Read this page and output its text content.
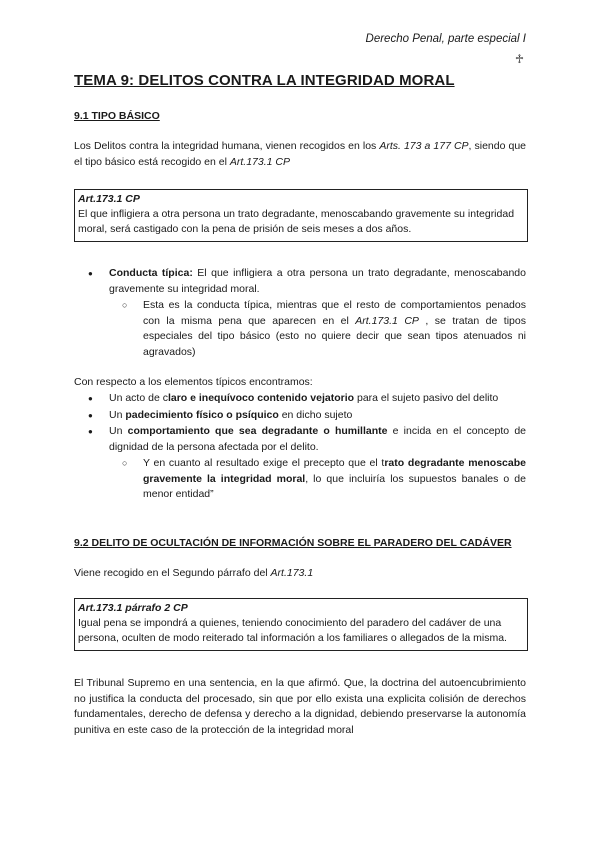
Derecho Penal, parte especial I
♱
TEMA 9: DELITOS CONTRA LA INTEGRIDAD MORAL
9.1 TIPO BÁSICO
Los Delitos contra la integridad humana, vienen recogidos en los Arts. 173 a 177 CP, siendo que el tipo básico está recogido en el Art.173.1 CP
Art.173.1 CP
El que infligiera a otra persona un trato degradante, menoscabando gravemente su integridad moral, será castigado con la pena de prisión de seis meses a dos años.
● Conducta típica: El que infligiera a otra persona un trato degradante, menoscabando gravemente su integridad moral.
○ Esta es la conducta típica, mientras que el resto de comportamientos penados con la misma pena que aparecen en el Art.173.1 CP , se tratan de tipos especiales del tipo básico (esto no quiere decir que sean tipos atenuados ni agravados)
Con respecto a los elementos típicos encontramos:
● Un acto de claro e inequívoco contenido vejatorio para el sujeto pasivo del delito
● Un padecimiento físico o psíquico en dicho sujeto
● Un comportamiento que sea degradante o humillante e incida en el concepto de dignidad de la persona afectada por el delito.
○ Y en cuanto al resultado exige el precepto que el trato degradante menoscabe gravemente la integridad moral, lo que incluiría los supuestos banales o de menor entidad”
9.2 DELITO DE OCULTACIÓN DE INFORMACIÓN SOBRE EL PARADERO DEL CADÁVER
Viene recogido en el Segundo párrafo del Art.173.1
Art.173.1 párrafo 2 CP
Igual pena se impondrá a quienes, teniendo conocimiento del paradero del cadáver de una persona, oculten de modo reiterado tal información a los familiares o allegados de la misma.
El Tribunal Supremo en una sentencia, en la que afirmó. Que, la doctrina del autoencubrimiento no justifica la conducta del procesado, sin que por ello exista una explicita colisión de derechos fundamentales, derecho de defensa y derecho a la dignidad, debiendo preservarse la autonomía punitiva en este caso de la protección de la integridad moral
